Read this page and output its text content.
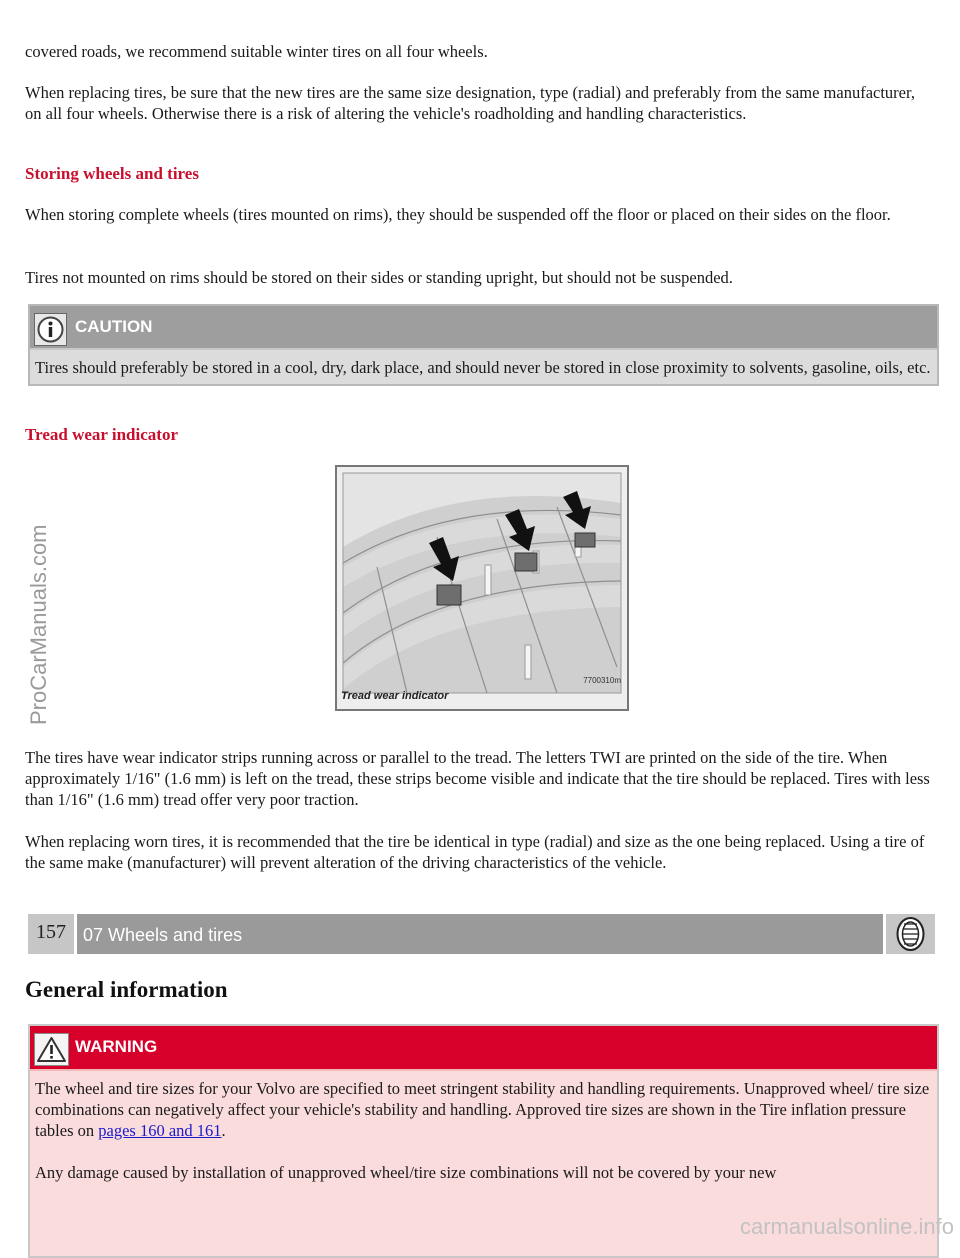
covered roads, we recommend suitable winter tires on all four wheels.

When replacing tires, be sure that the new tires are the same size designation, type (radial) and preferably from the same manufacturer, on all four wheels. Otherwise there is a risk of altering the vehicle's roadholding and handling characteristics.

Storing wheels and tires

When storing complete wheels (tires mounted on rims), they should be suspended off the floor or placed on their sides on the floor.

Tires not mounted on rims should be stored on their sides or standing upright, but should not be suspended.

CAUTION
Tires should preferably be stored in a cool, dry, dark place, and should never be stored in close proximity to solvents, gasoline, oils, etc.
Tread wear indicator
7700310m
Tread wear indicator

The tires have wear indicator strips running across or parallel to the tread. The letters TWI are printed on the side of the tire. When approximately 1/16" (1.6 mm) is left on the tread, these strips become visible and indicate that the tire should be replaced. Tires with less than 1/16" (1.6 mm) tread offer very poor traction.

When replacing worn tires, it is recommended that the tire be identical in type (radial) and size as the one being replaced. Using a tire of the same make (manufacturer) will prevent alteration of the driving characteristics of the vehicle.

157 07 Wheels and tires
General information
WARNING

The wheel and tire sizes for your Volvo are specified to meet stringent stability and handling requirements. Unapproved wheel/ tire size combinations can negatively affect your vehicle's stability and handling. Approved tire sizes are shown in the Tire inflation pressure tables on pages 160 and 161.

Any damage caused by installation of unapproved wheel/tire size combinations will not be covered by your new

ProCarManuals.com
carmanualsonline.info
